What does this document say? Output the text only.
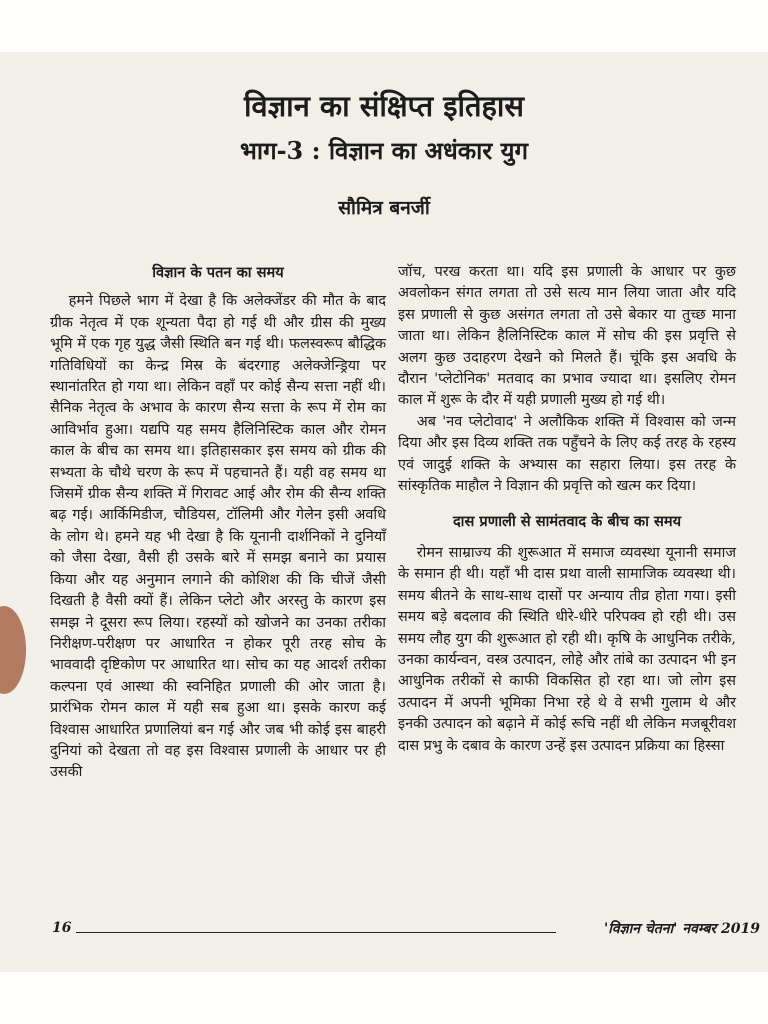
विज्ञान का संक्षिप्त इतिहास
भाग-3 : विज्ञान का अधंकार युग
सौमित्र बनर्जी
विज्ञान के पतन का समय

हमने पिछले भाग में देखा है कि अलेक्जेंडर की मौत के बाद ग्रीक नेतृत्व में एक शून्यता पैदा हो गई थी और ग्रीस की मुख्य भूमि में एक गृह युद्ध जैसी स्थिति बन गई थी। फलस्वरूप बौद्धिक गतिविधियों का केन्द्र मिस्र के बंदरगाह अलेक्जेन्ड्रिया पर स्थानांतरित हो गया था। लेकिन वहाँ पर कोई सैन्य सत्ता नहीं थी। सैनिक नेतृत्व के अभाव के कारण सैन्य सत्ता के रूप में रोम का आविर्भाव हुआ। यद्यपि यह समय हैलिनिस्टिक काल और रोमन काल के बीच का समय था। इतिहासकार इस समय को ग्रीक की सभ्यता के चौथे चरण के रूप में पहचानते हैं। यही वह समय था जिसमें ग्रीक सैन्य शक्ति में गिरावट आई और रोम की सैन्य शक्ति बढ़ गई। आर्किमिडीज, चौडियस, टॉलिमी और गेलेन इसी अवधि के लोग थे। हमने यह भी देखा है कि यूनानी दार्शनिकों ने दुनियाँ को जैसा देखा, वैसी ही उसके बारे में समझ बनाने का प्रयास किया और यह अनुमान लगाने की कोशिश की कि चीजें जैसी दिखती है वैसी क्यों हैं। लेकिन प्लेटो और अरस्तु के कारण इस समझ ने दूसरा रूप लिया। रहस्यों को खोजने का उनका तरीका निरीक्षण-परीक्षण पर आधारित न होकर पूरी तरह सोच के भाववादी दृष्टिकोण पर आधारित था। सोच का यह आदर्श तरीका कल्पना एवं आस्था की स्वनिहित प्रणाली की ओर जाता है। प्रारंभिक रोमन काल में यही सब हुआ था। इसके कारण कई विश्वास आधारित प्रणालियां बन गई और जब भी कोई इस बाहरी दुनियां को देखता तो वह इस विश्वास प्रणाली के आधार पर ही उसकी

जॉच, परख करता था। यदि इस प्रणाली के आधार पर कुछ अवलोकन संगत लगता तो उसे सत्य मान लिया जाता और यदि इस प्रणाली से कुछ असंगत लगता तो उसे बेकार या तुच्छ माना जाता था। लेकिन हैलिनिस्टिक काल में सोच की इस प्रवृत्ति से अलग कुछ उदाहरण देखने को मिलते हैं। चूंकि इस अवधि के दौरान 'प्लेटोनिक' मतवाद का प्रभाव ज्यादा था। इसलिए रोमन काल में शुरू के दौर में यही प्रणाली मुख्य हो गई थी।

अब 'नव प्लेटोवाद' ने अलौकिक शक्ति में विश्वास को जन्म दिया और इस दिव्य शक्ति तक पहुँचने के लिए कई तरह के रहस्य एवं जादुई शक्ति के अभ्यास का सहारा लिया। इस तरह के सांस्कृतिक माहौल ने विज्ञान की प्रवृत्ति को खत्म कर दिया।

दास प्रणाली से सामंतवाद के बीच का समय

रोमन साम्राज्य की शुरूआत में समाज व्यवस्था यूनानी समाज के समान ही थी। यहाँ भी दास प्रथा वाली सामाजिक व्यवस्था थी। समय बीतने के साथ-साथ दासों पर अन्याय तीव्र होता गया। इसी समय बड़े बदलाव की स्थिति धीरे-धीरे परिपक्व हो रही थी। उस समय लौह युग की शुरूआत हो रही थी। कृषि के आधुनिक तरीके, उनका कार्यन्वन, वस्त्र उत्पादन, लोहे और तांबे का उत्पादन भी इन आधुनिक तरीकों से काफी विकसित हो रहा था। जो लोग इस उत्पादन में अपनी भूमिका निभा रहे थे वे सभी गुलाम थे और इनकी उत्पादन को बढ़ाने में कोई रूचि नहीं थी लेकिन मजबूरीवश दास प्रभु के दबाव के कारण उन्हें इस उत्पादन प्रक्रिया का हिस्सा

16	'विज्ञान चेतना' नवम्बर 2019
